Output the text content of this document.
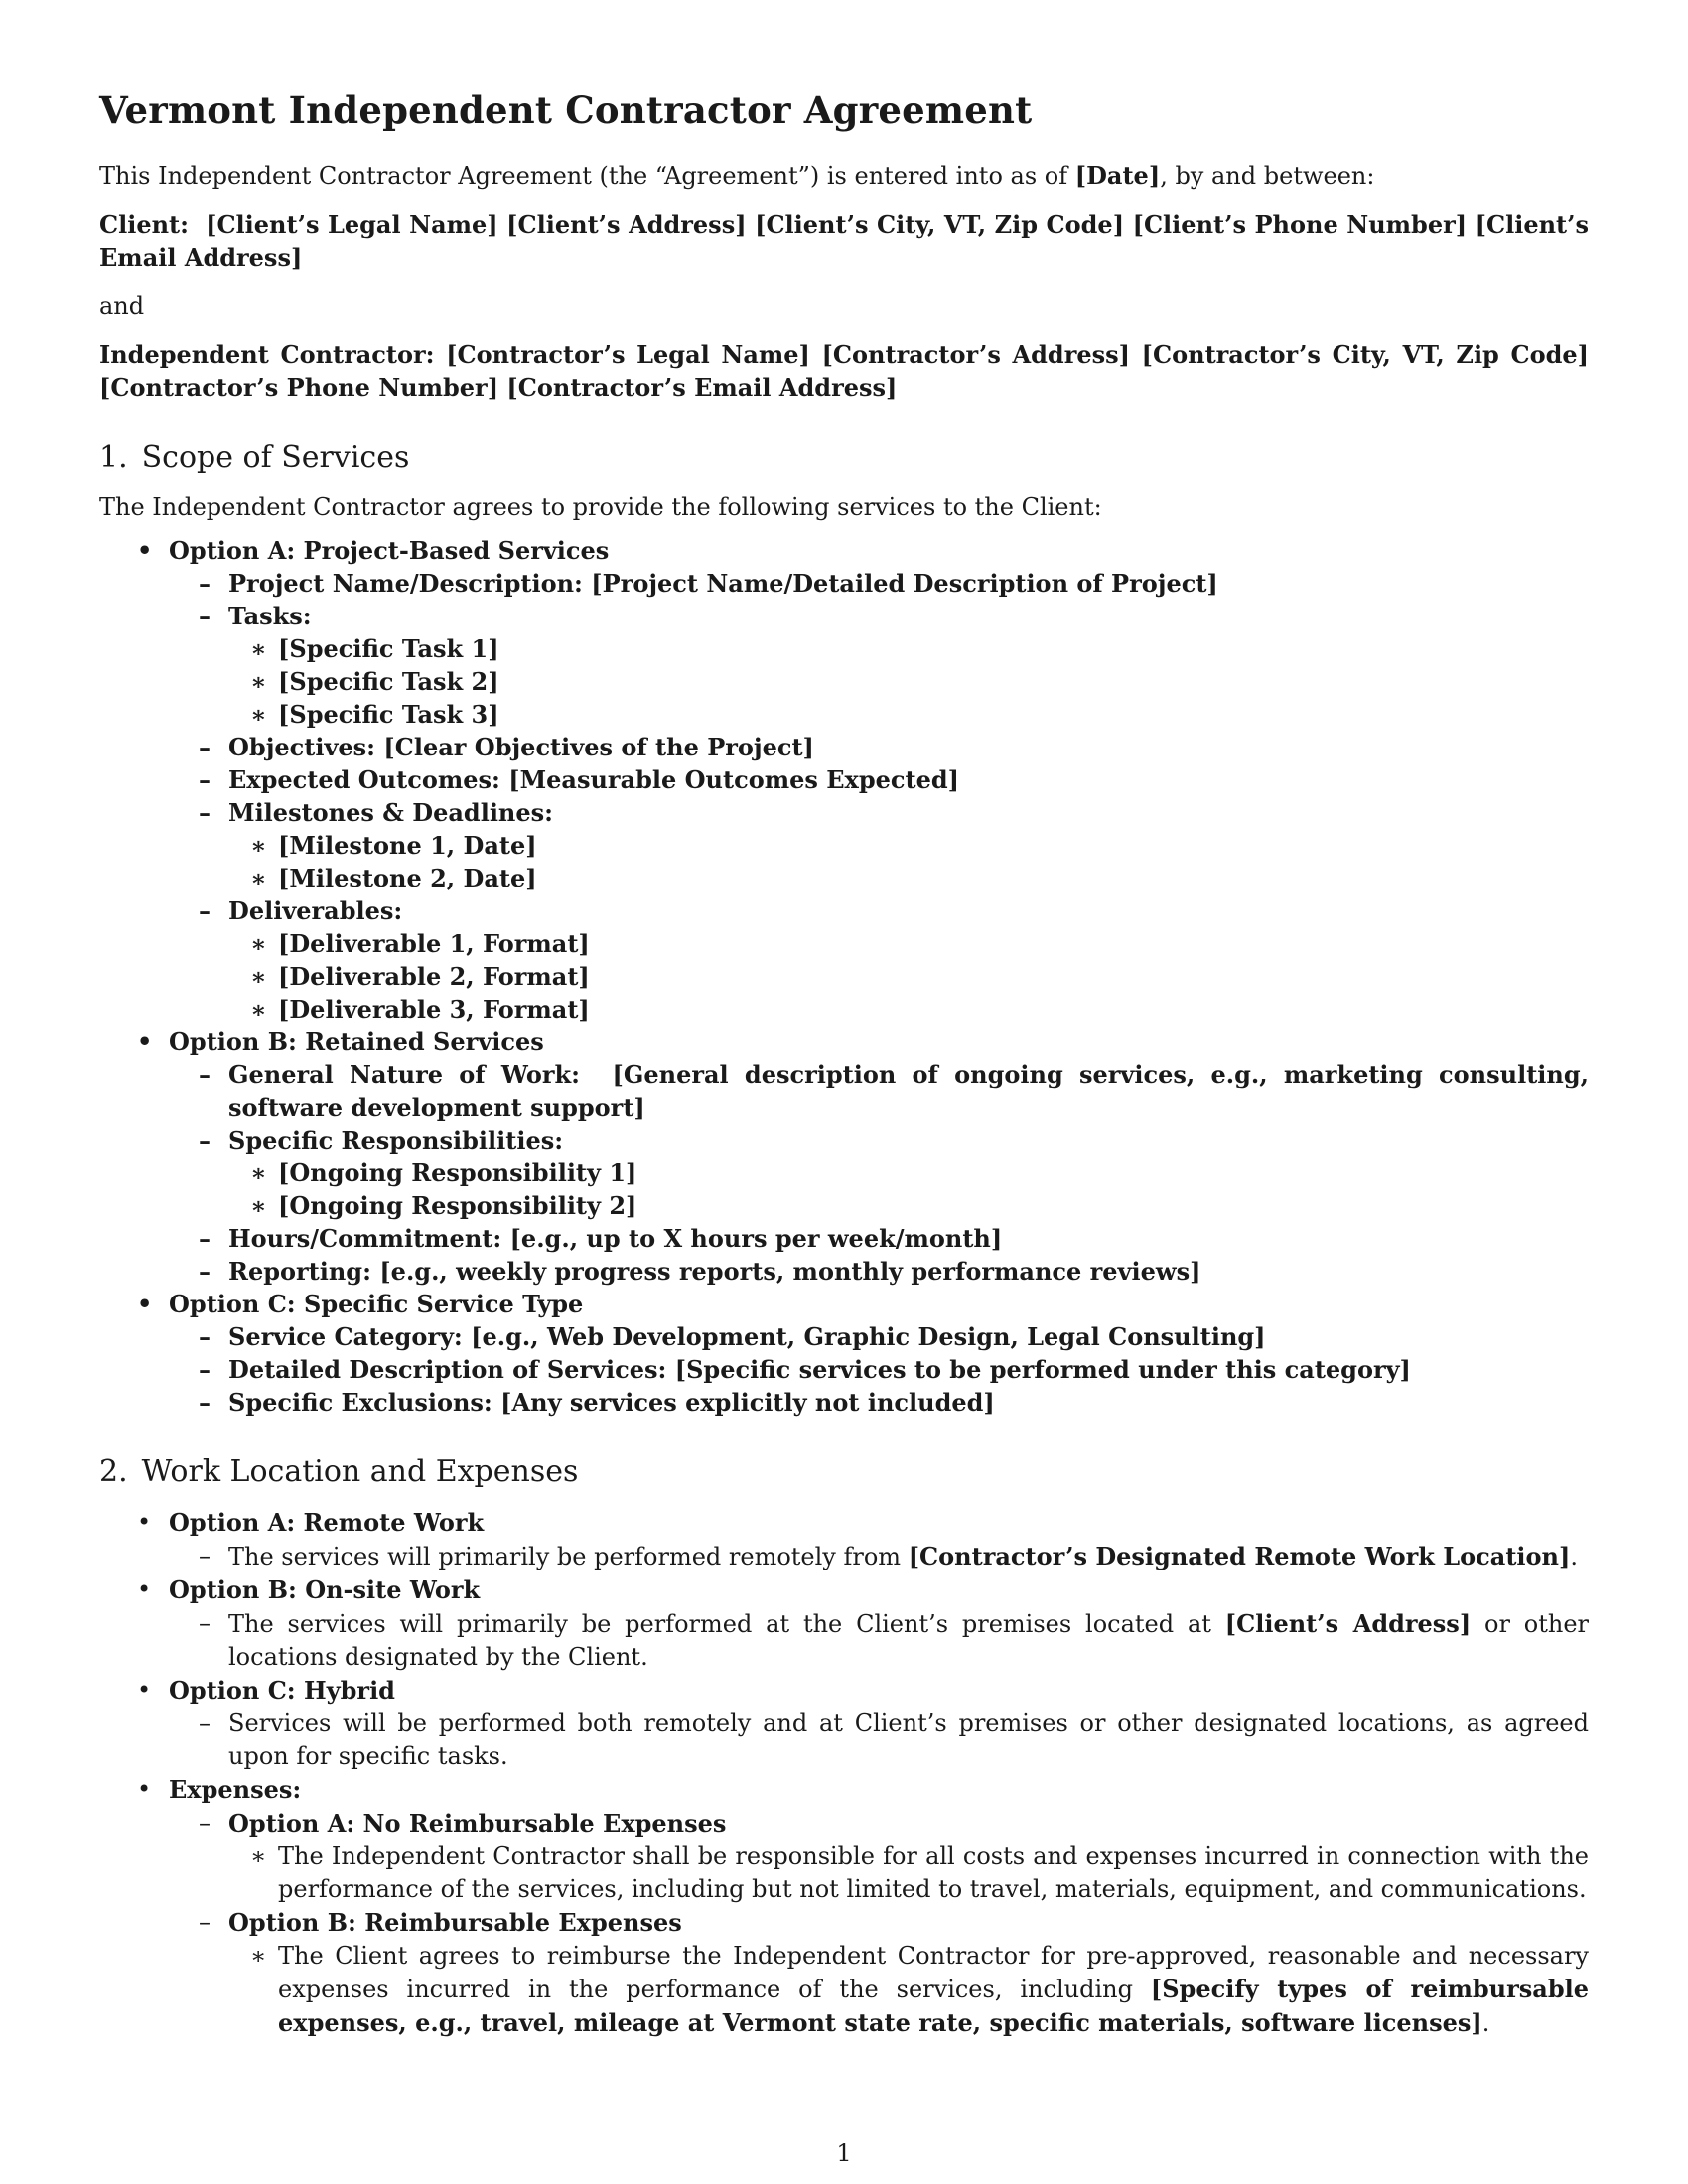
Vermont Independent Contractor Agreement

This Independent Contractor Agreement (the “Agreement”) is entered into as of [Date], by and between:

Client: [Client’s Legal Name] [Client’s Address] [Client’s City, VT, Zip Code] [Client’s Phone Number] [Client’s Email Address]

and

Independent Contractor: [Contractor’s Legal Name] [Contractor’s Address] [Contractor’s City, VT, Zip Code] [Contractor’s Phone Number] [Contractor’s Email Address]

1. Scope of Services

The Independent Contractor agrees to provide the following services to the Client:

• Option A: Project-Based Services
– Project Name/Description: [Project Name/Detailed Description of Project]
– Tasks:
∗ [Specific Task 1]
∗ [Specific Task 2]
∗ [Specific Task 3]
– Objectives: [Clear Objectives of the Project]
– Expected Outcomes: [Measurable Outcomes Expected]
– Milestones & Deadlines:
∗ [Milestone 1, Date]
∗ [Milestone 2, Date]
– Deliverables:
∗ [Deliverable 1, Format]
∗ [Deliverable 2, Format]
∗ [Deliverable 3, Format]
• Option B: Retained Services
– General Nature of Work: [General description of ongoing services, e.g., marketing consulting, software development support]
– Specific Responsibilities:
∗ [Ongoing Responsibility 1]
∗ [Ongoing Responsibility 2]
– Hours/Commitment: [e.g., up to X hours per week/month]
– Reporting: [e.g., weekly progress reports, monthly performance reviews]
• Option C: Specific Service Type
– Service Category: [e.g., Web Development, Graphic Design, Legal Consulting]
– Detailed Description of Services: [Specific services to be performed under this category]
– Specific Exclusions: [Any services explicitly not included]
2. Work Location and Expenses
• Option A: Remote Work
– The services will primarily be performed remotely from [Contractor’s Designated Remote Work Location].
• Option B: On-site Work
– The services will primarily be performed at the Client’s premises located at [Client’s Address] or other locations designated by the Client.
• Option C: Hybrid
– Services will be performed both remotely and at Client’s premises or other designated locations, as agreed upon for specific tasks.
• Expenses:
– Option A: No Reimbursable Expenses
∗ The Independent Contractor shall be responsible for all costs and expenses incurred in connection with the performance of the services, including but not limited to travel, materials, equipment, and communications.
– Option B: Reimbursable Expenses
∗ The Client agrees to reimburse the Independent Contractor for pre-approved, reasonable and necessary expenses incurred in the performance of the services, including [Specify types of reimbursable expenses, e.g., travel, mileage at Vermont state rate, specific materials, software licenses].
1
